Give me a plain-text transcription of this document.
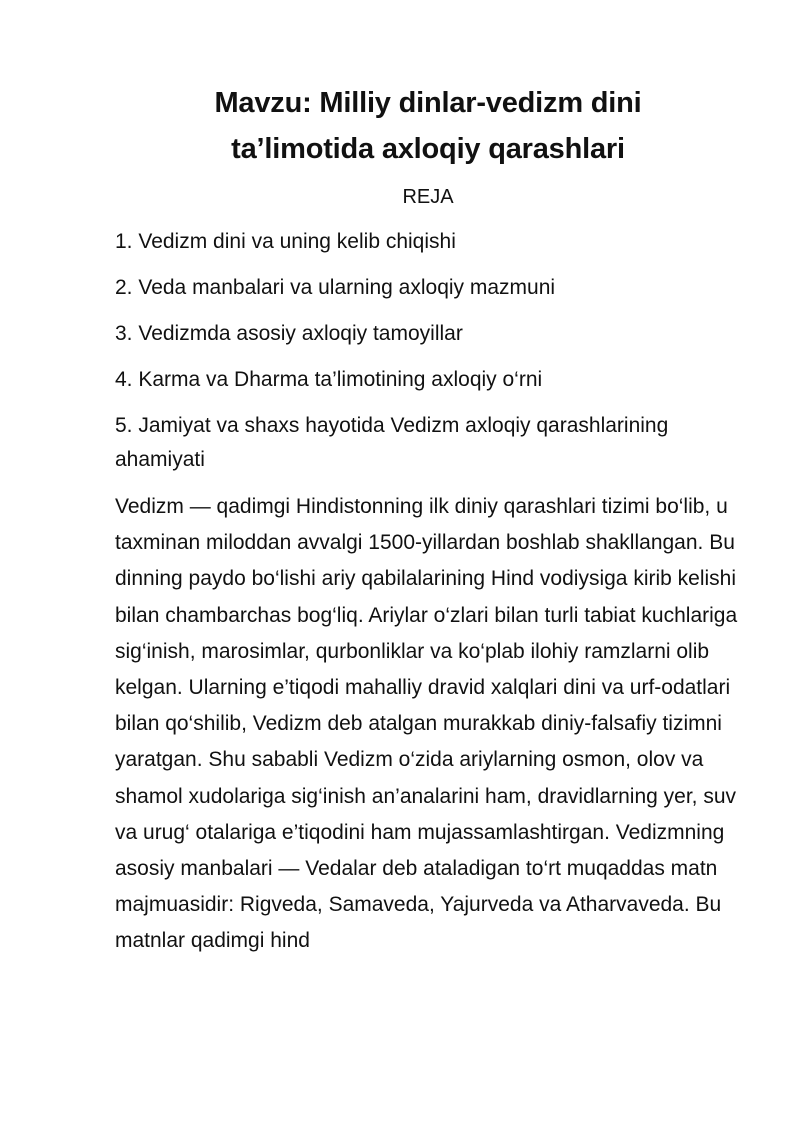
Mavzu: Milliy dinlar-vedizm dini
ta’limotida axloqiy qarashlari
REJA
1. Vedizm dini va uning kelib chiqishi
2. Veda manbalari va ularning axloqiy mazmuni
3. Vedizmda asosiy axloqiy tamoyillar
4. Karma va Dharma ta’limotining axloqiy o‘rni
5. Jamiyat va shaxs hayotida Vedizm axloqiy qarashlarining ahamiyati

Vedizm — qadimgi Hindistonning ilk diniy qarashlari tizimi bo‘lib, u taxminan miloddan avvalgi 1500-yillardan boshlab shakllangan. Bu dinning paydo bo‘lishi ariy qabilalarining Hind vodiysiga kirib kelishi bilan chambarchas bog‘liq. Ariylar o‘zlari bilan turli tabiat kuchlariga sig‘inish, marosimlar, qurbonliklar va ko‘plab ilohiy ramzlarni olib kelgan. Ularning e’tiqodi mahalliy dravid xalqlari dini va urf-odatlari bilan qo‘shilib, Vedizm deb atalgan murakkab diniy-falsafiy tizimni yaratgan. Shu sababli Vedizm o‘zida ariylarning osmon, olov va shamol xudolariga sig‘inish an’analarini ham, dravidlarning yer, suv va urug‘ otalariga e’tiqodini ham mujassamlashtirgan. Vedizmning asosiy manbalari — Vedalar deb ataladigan to‘rt muqaddas matn majmuasidir: Rigveda, Samaveda, Yajurveda va Atharvaveda. Bu matnlar qadimgi hind
